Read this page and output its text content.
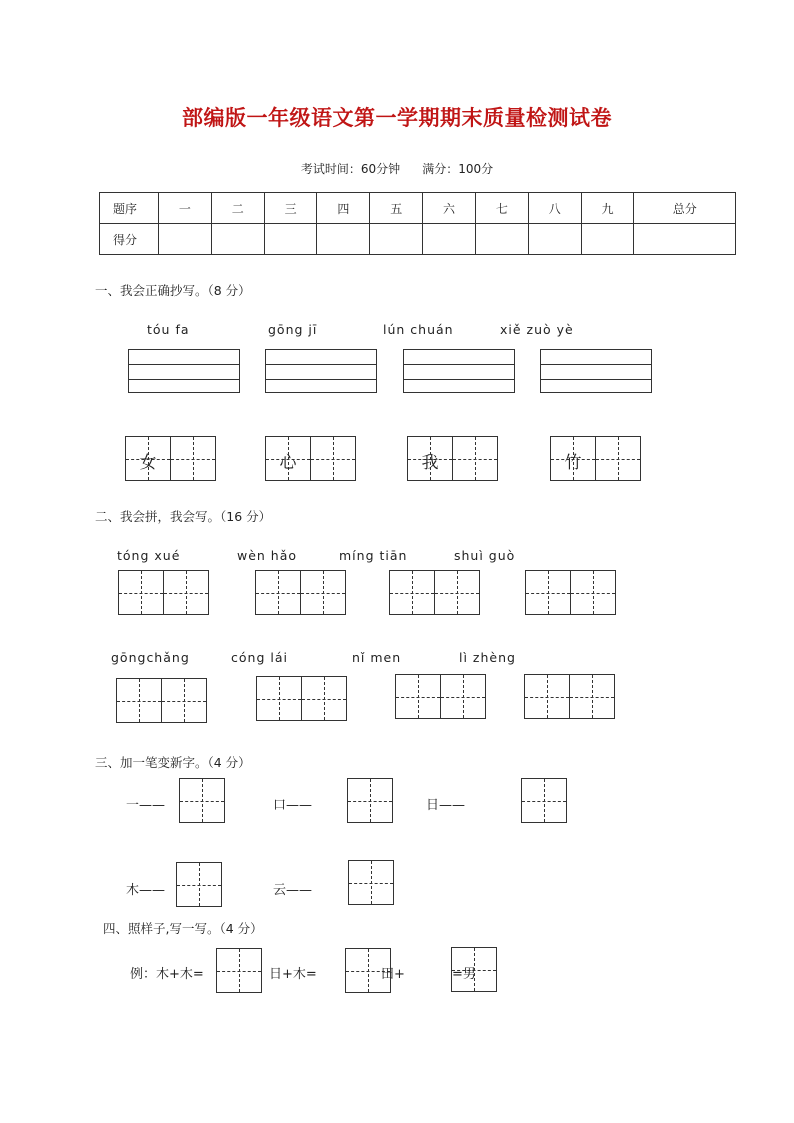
部编版一年级语文第一学期期末质量检测试卷
考试时间：60分钟 满分：100分
题序	一	二	三	四	五	六	七	八	九	总分
得分										
一、我会正确抄写。（8 分）
tóu fa	gōng jī	lún chuán	xiě zuò yè
女	心	我	竹
二、我会拼，我会写。（16 分）
tóng xué	wèn hǎo	míng tiān	shuì guò
gōngchǎng	cóng lái	nǐ men	lì zhèng
三、加一笔变新字。（4 分）
一——	口——	日——
木——	云——
四、照样子,写一写。（4 分）
例：木+木=	日+木=	田+	=男
